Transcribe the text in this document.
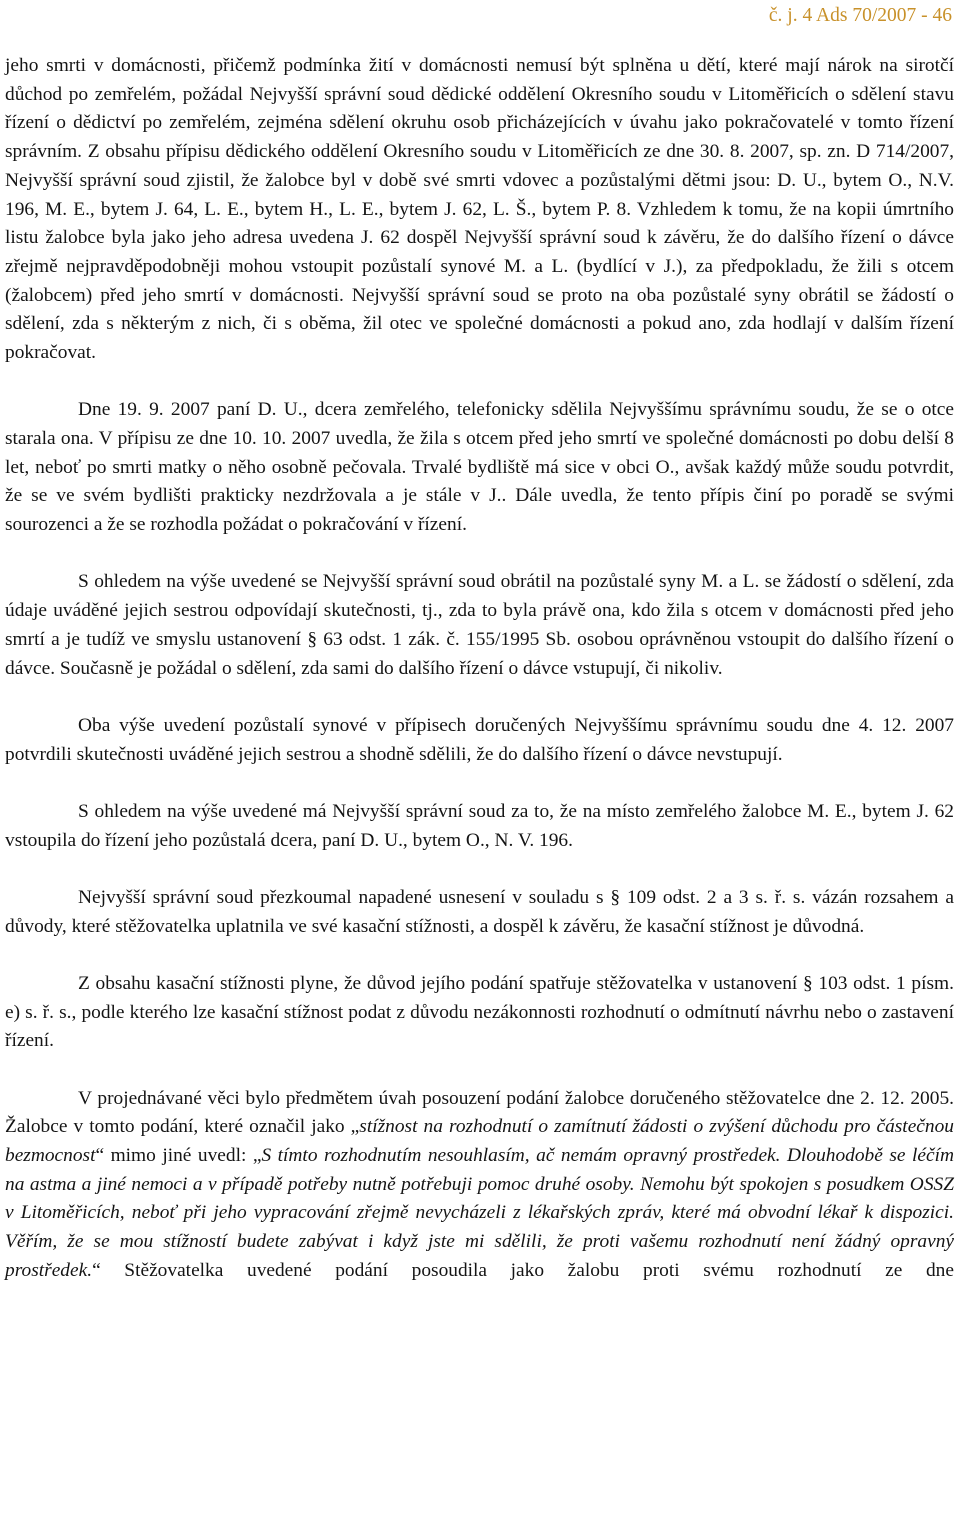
č. j. 4 Ads 70/2007 - 46

jeho smrti v domácnosti, přičemž podmínka žití v domácnosti nemusí být splněna u dětí, které mají nárok na sirotčí důchod po zemřelém, požádal Nejvyšší správní soud dědické oddělení Okresního soudu v Litoměřicích o sdělení stavu řízení o dědictví po zemřelém, zejména sdělení okruhu osob přicházejících v úvahu jako pokračovatelé v tomto řízení správním. Z obsahu přípisu dědického oddělení Okresního soudu v Litoměřicích ze dne 30. 8. 2007, sp. zn. D 714/2007, Nejvyšší správní soud zjistil, že žalobce byl v době své smrti vdovec a pozůstalými dětmi jsou: D. U., bytem O., N.V. 196, M. E., bytem J. 64, L. E., bytem H., L. E., bytem J. 62, L. Š., bytem P. 8. Vzhledem k tomu, že na kopii úmrtního listu žalobce byla jako jeho adresa uvedena J. 62 dospěl Nejvyšší správní soud k závěru, že do dalšího řízení o dávce zřejmě nejpravděpodobněji mohou vstoupit pozůstalí synové M. a L. (bydlící v J.), za předpokladu, že žili s otcem (žalobcem) před jeho smrtí v domácnosti. Nejvyšší správní soud se proto na oba pozůstalé syny obrátil se žádostí o sdělení, zda s některým z nich, či s oběma, žil otec ve společné domácnosti a pokud ano, zda hodlají v dalším řízení pokračovat.

Dne 19. 9. 2007 paní D. U., dcera zemřelého, telefonicky sdělila Nejvyššímu správnímu soudu, že se o otce starala ona. V přípisu ze dne 10. 10. 2007 uvedla, že žila s otcem před jeho smrtí ve společné domácnosti po dobu delší 8 let, neboť po smrti matky o něho osobně pečovala. Trvalé bydliště má sice v obci O., avšak každý může soudu potvrdit, že se ve svém bydlišti prakticky nezdržovala a je stále v J.. Dále uvedla, že tento přípis činí po poradě se svými sourozenci a že se rozhodla požádat o pokračování v řízení.

S ohledem na výše uvedené se Nejvyšší správní soud obrátil na pozůstalé syny M. a L. se žádostí o sdělení, zda údaje uváděné jejich sestrou odpovídají skutečnosti, tj., zda to byla právě ona, kdo žila s otcem v domácnosti před jeho smrtí a je tudíž ve smyslu ustanovení § 63 odst. 1 zák. č. 155/1995 Sb. osobou oprávněnou vstoupit do dalšího řízení o dávce. Současně je požádal o sdělení, zda sami do dalšího řízení o dávce vstupují, či nikoliv.

Oba výše uvedení pozůstalí synové v přípisech doručených Nejvyššímu správnímu soudu dne 4. 12. 2007 potvrdili skutečnosti uváděné jejich sestrou a shodně sdělili, že do dalšího řízení o dávce nevstupují.

S ohledem na výše uvedené má Nejvyšší správní soud za to, že na místo zemřelého žalobce M. E., bytem J. 62 vstoupila do řízení jeho pozůstalá dcera, paní D. U., bytem O., N. V. 196.

Nejvyšší správní soud přezkoumal napadené usnesení v souladu s § 109 odst. 2 a 3 s. ř. s. vázán rozsahem a důvody, které stěžovatelka uplatnila ve své kasační stížnosti, a dospěl k závěru, že kasační stížnost je důvodná.

Z obsahu kasační stížnosti plyne, že důvod jejího podání spatřuje stěžovatelka v ustanovení § 103 odst. 1 písm. e) s. ř. s., podle kterého lze kasační stížnost podat z důvodu nezákonnosti rozhodnutí o odmítnutí návrhu nebo o zastavení řízení.

V projednávané věci bylo předmětem úvah posouzení podání žalobce doručeného stěžovatelce dne 2. 12. 2005. Žalobce v tomto podání, které označil jako „stížnost na rozhodnutí o zamítnutí žádosti o zvýšení důchodu pro částečnou bezmocnost“ mimo jiné uvedl: „S tímto rozhodnutím nesouhlasím, ač nemám opravný prostředek. Dlouhodobě se léčím na astma a jiné nemoci a v případě potřeby nutně potřebuji pomoc druhé osoby. Nemohu být spokojen s posudkem OSSZ v Litoměřicích, neboť při jeho vypracování zřejmě nevycházeli z lékařských zpráv, které má obvodní lékař k dispozici. Věřím, že se mou stížností budete zabývat i když jste mi sdělili, že proti vašemu rozhodnutí není žádný opravný prostředek.“ Stěžovatelka uvedené podání posoudila jako žalobu proti svému rozhodnutí ze dne
